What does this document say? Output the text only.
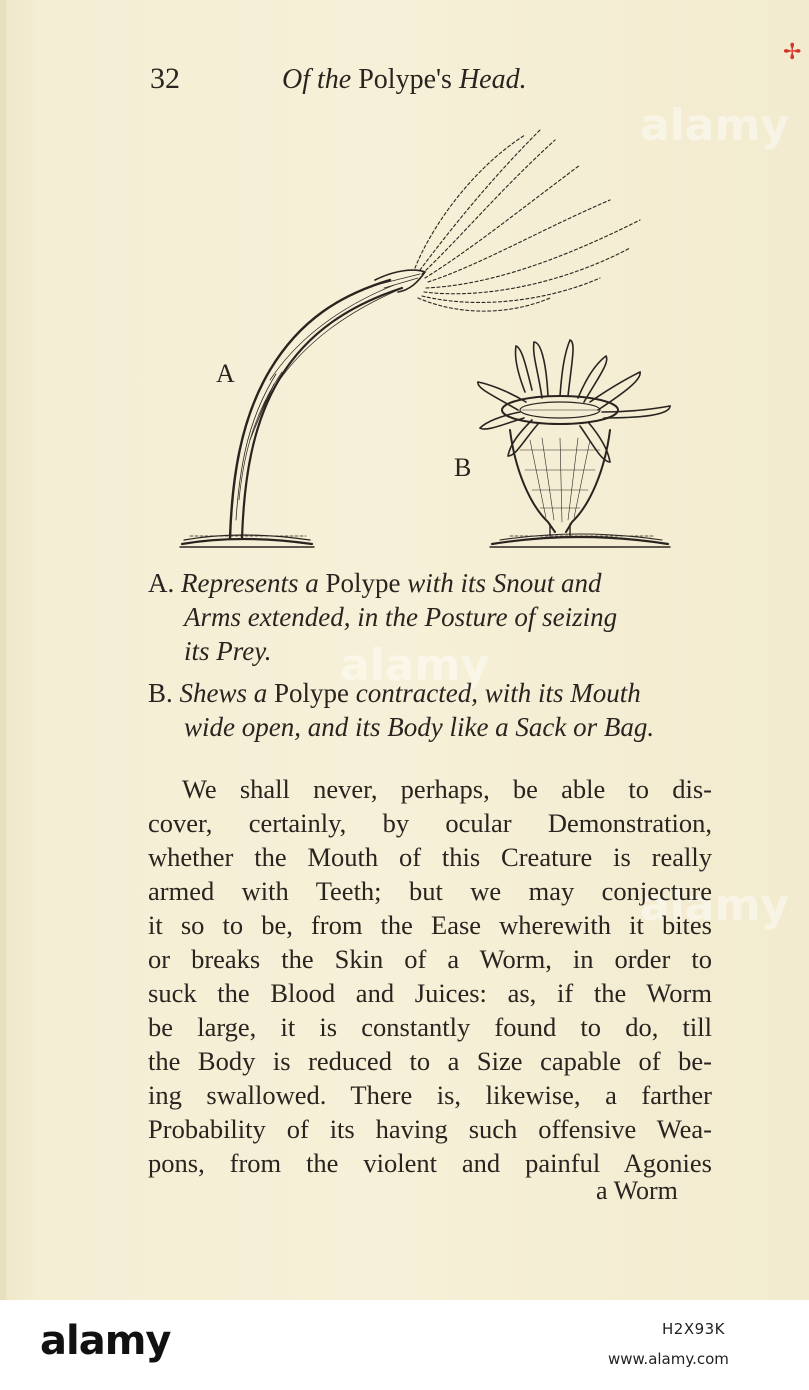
✢
alamy
alamy
alamy
32	Of the Polype's Head.
A
B
A. Represents a Polype with its Snout and
Arms extended, in the Posture of seizing
its Prey.
B. Shews a Polype contracted, with its Mouth
wide open, and its Body like a Sack or Bag.
We shall never, perhaps, be able to dis-
cover, certainly, by ocular Demonstration,
whether the Mouth of this Creature is really
armed with Teeth; but we may conjecture
it so to be, from the Ease wherewith it bites
or breaks the Skin of a Worm, in order to
suck the Blood and Juices: as, if the Worm
be large, it is constantly found to do, till
the Body is reduced to a Size capable of be-
ing swallowed. There is, likewise, a farther
Probability of its having such offensive Wea-
pons, from the violent and painful Agonies
a Worm
alamy	H2X93K
www.alamy.com
